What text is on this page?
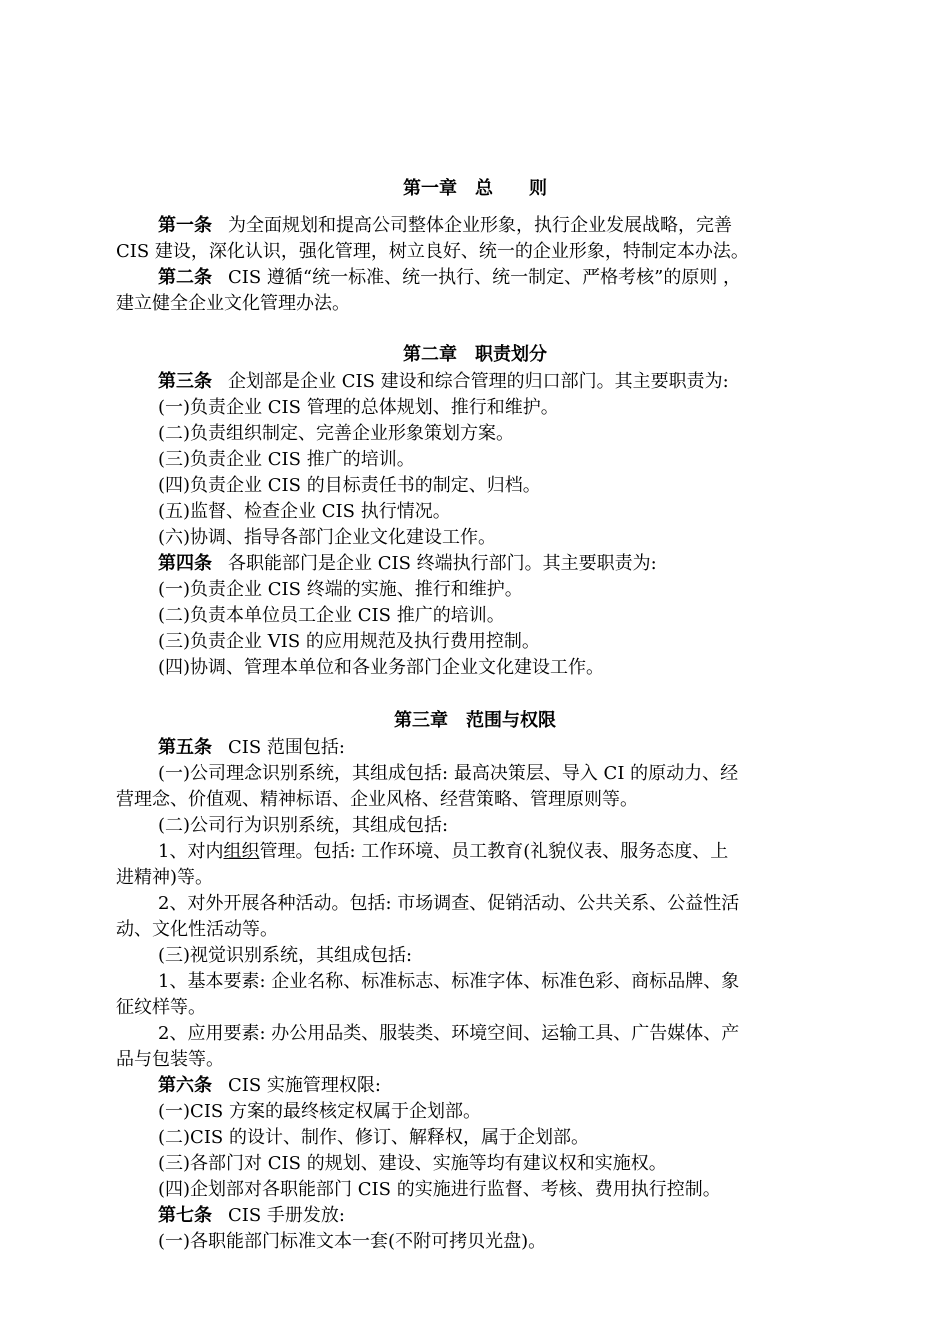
第一章　总　　则
第一条 为全面规划和提高公司整体企业形象，执行企业发展战略，完善
CIS 建设，深化认识，强化管理，树立良好、统一的企业形象，特制定本办法。
第二条 CIS 遵循“统一标准、统一执行、统一制定、严格考核”的原则 ，
建立健全企业文化管理办法。
第二章　职责划分
第三条 企划部是企业 CIS 建设和综合管理的归口部门。其主要职责为:
(一)负责企业 CIS 管理的总体规划、推行和维护。
(二)负责组织制定、完善企业形象策划方案。
(三)负责企业 CIS 推广的培训。
(四)负责企业 CIS 的目标责任书的制定、归档。
(五)监督、检查企业 CIS 执行情况。
(六)协调、指导各部门企业文化建设工作。
第四条 各职能部门是企业 CIS 终端执行部门。其主要职责为:
(一)负责企业 CIS 终端的实施、推行和维护。
(二)负责本单位员工企业 CIS 推广的培训。
(三)负责企业 VIS 的应用规范及执行费用控制。
(四)协调、管理本单位和各业务部门企业文化建设工作。
第三章　范围与权限
第五条 CIS 范围包括:
(一)公司理念识别系统，其组成包括: 最高决策层、导入 CI 的原动力、经
营理念、价值观、精神标语、企业风格、经营策略、管理原则等。
(二)公司行为识别系统，其组成包括:
1、对内组织管理。包括: 工作环境、员工教育(礼貌仪表、服务态度、上
进精神)等。
2、对外开展各种活动。包括: 市场调查、促销活动、公共关系、公益性活
动、文化性活动等。
(三)视觉识别系统，其组成包括:
1、基本要素: 企业名称、标准标志、标准字体、标准色彩、商标品牌、象
征纹样等。
2、应用要素: 办公用品类、服装类、环境空间、运输工具、广告媒体、产
品与包装等。
第六条 CIS 实施管理权限:
(一)CIS 方案的最终核定权属于企划部。
(二)CIS 的设计、制作、修订、解释权，属于企划部。
(三)各部门对 CIS 的规划、建设、实施等均有建议权和实施权。
(四)企划部对各职能部门 CIS 的实施进行监督、考核、费用执行控制。
第七条 CIS 手册发放:
(一)各职能部门标准文本一套(不附可拷贝光盘)。
